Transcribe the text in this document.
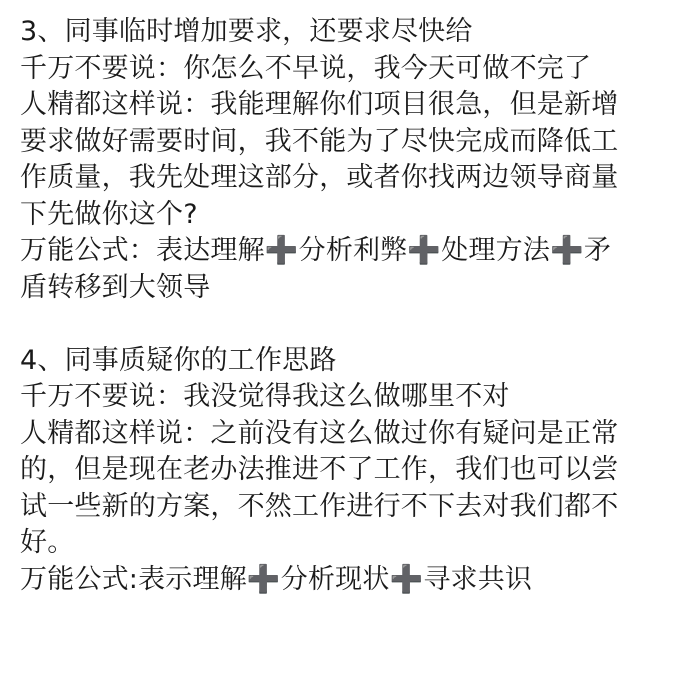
3、同事临时增加要求，还要求尽快给
千万不要说：你怎么不早说，我今天可做不完了
人精都这样说：我能理解你们项目很急，但是新增
要求做好需要时间，我不能为了尽快完成而降低工
作质量，我先处理这部分，或者你找两边领导商量
下先做你这个?
万能公式：表达理解➕分析利弊➕处理方法➕矛
盾转移到大领导
4、同事质疑你的工作思路
千万不要说：我没觉得我这么做哪里不对
人精都这样说：之前没有这么做过你有疑问是正常
的，但是现在老办法推进不了工作，我们也可以尝
试一些新的方案，不然工作进行不下去对我们都不
好。
万能公式:表示理解➕分析现状➕寻求共识
